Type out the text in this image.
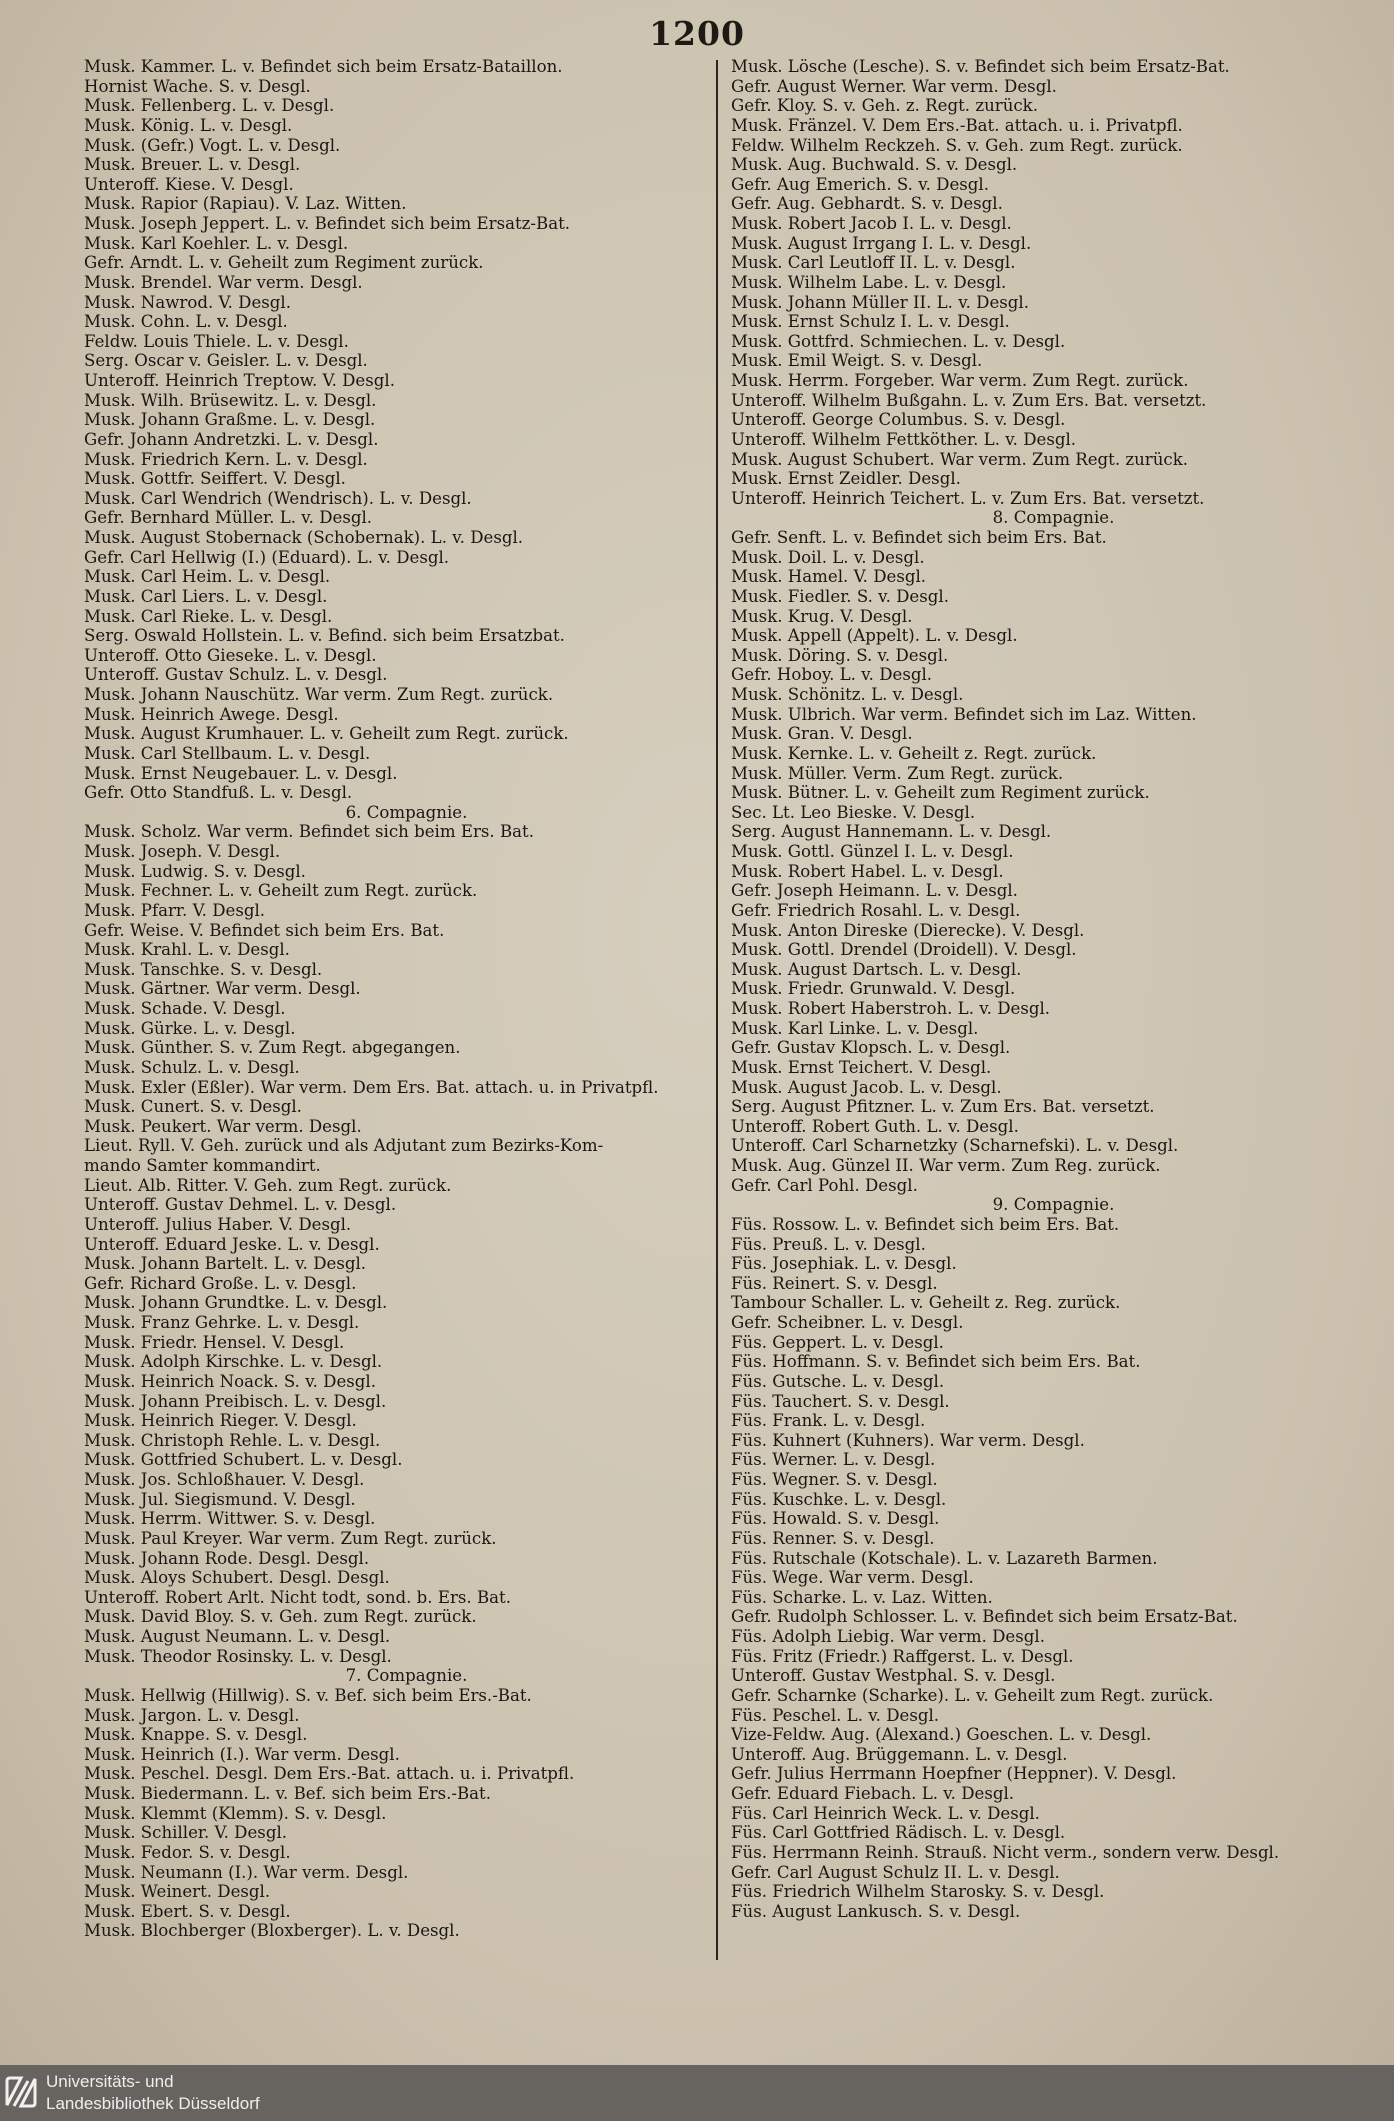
1200
Musk. Kammer. L. v. Befindet sich beim Ersatz-Bataillon.
Hornist Wache. S. v. Desgl.
Musk. Fellenberg. L. v. Desgl.
Musk. König. L. v. Desgl.
Musk. (Gefr.) Vogt. L. v. Desgl.
Musk. Breuer. L. v. Desgl.
Unteroff. Kiese. V. Desgl.
Musk. Rapior (Rapiau). V. Laz. Witten.
Musk. Joseph Jeppert. L. v. Befindet sich beim Ersatz-Bat.
Musk. Karl Koehler. L. v. Desgl.
Gefr. Arndt. L. v. Geheilt zum Regiment zurück.
Musk. Brendel. War verm. Desgl.
Musk. Nawrod. V. Desgl.
Musk. Cohn. L. v. Desgl.
Feldw. Louis Thiele. L. v. Desgl.
Serg. Oscar v. Geisler. L. v. Desgl.
Unteroff. Heinrich Treptow. V. Desgl.
Musk. Wilh. Brüsewitz. L. v. Desgl.
Musk. Johann Graßme. L. v. Desgl.
Gefr. Johann Andretzki. L. v. Desgl.
Musk. Friedrich Kern. L. v. Desgl.
Musk. Gottfr. Seiffert. V. Desgl.
Musk. Carl Wendrich (Wendrisch). L. v. Desgl.
Gefr. Bernhard Müller. L. v. Desgl.
Musk. August Stobernack (Schobernak). L. v. Desgl.
Gefr. Carl Hellwig (I.) (Eduard). L. v. Desgl.
Musk. Carl Heim. L. v. Desgl.
Musk. Carl Liers. L. v. Desgl.
Musk. Carl Rieke. L. v. Desgl.
Serg. Oswald Hollstein. L. v. Befind. sich beim Ersatzbat.
Unteroff. Otto Gieseke. L. v. Desgl.
Unteroff. Gustav Schulz. L. v. Desgl.
Musk. Johann Nauschütz. War verm. Zum Regt. zurück.
Musk. Heinrich Awege. Desgl.
Musk. August Krumhauer. L. v. Geheilt zum Regt. zurück.
Musk. Carl Stellbaum. L. v. Desgl.
Musk. Ernst Neugebauer. L. v. Desgl.
Gefr. Otto Standfuß. L. v. Desgl.
6. Compagnie.
Musk. Scholz. War verm. Befindet sich beim Ers. Bat.
Musk. Joseph. V. Desgl.
Musk. Ludwig. S. v. Desgl.
Musk. Fechner. L. v. Geheilt zum Regt. zurück.
Musk. Pfarr. V. Desgl.
Gefr. Weise. V. Befindet sich beim Ers. Bat.
Musk. Krahl. L. v. Desgl.
Musk. Tanschke. S. v. Desgl.
Musk. Gärtner. War verm. Desgl.
Musk. Schade. V. Desgl.
Musk. Gürke. L. v. Desgl.
Musk. Günther. S. v. Zum Regt. abgegangen.
Musk. Schulz. L. v. Desgl.
Musk. Exler (Eßler). War verm. Dem Ers. Bat. attach. u. in Privatpfl.
Musk. Cunert. S. v. Desgl.
Musk. Peukert. War verm. Desgl.
Lieut. Ryll. V. Geh. zurück und als Adjutant zum Bezirks-Kom-
mando Samter kommandirt.
Lieut. Alb. Ritter. V. Geh. zum Regt. zurück.
Unteroff. Gustav Dehmel. L. v. Desgl.
Unteroff. Julius Haber. V. Desgl.
Unteroff. Eduard Jeske. L. v. Desgl.
Musk. Johann Bartelt. L. v. Desgl.
Gefr. Richard Große. L. v. Desgl.
Musk. Johann Grundtke. L. v. Desgl.
Musk. Franz Gehrke. L. v. Desgl.
Musk. Friedr. Hensel. V. Desgl.
Musk. Adolph Kirschke. L. v. Desgl.
Musk. Heinrich Noack. S. v. Desgl.
Musk. Johann Preibisch. L. v. Desgl.
Musk. Heinrich Rieger. V. Desgl.
Musk. Christoph Rehle. L. v. Desgl.
Musk. Gottfried Schubert. L. v. Desgl.
Musk. Jos. Schloßhauer. V. Desgl.
Musk. Jul. Siegismund. V. Desgl.
Musk. Herrm. Wittwer. S. v. Desgl.
Musk. Paul Kreyer. War verm. Zum Regt. zurück.
Musk. Johann Rode. Desgl. Desgl.
Musk. Aloys Schubert. Desgl. Desgl.
Unteroff. Robert Arlt. Nicht todt, sond. b. Ers. Bat.
Musk. David Bloy. S. v. Geh. zum Regt. zurück.
Musk. August Neumann. L. v. Desgl.
Musk. Theodor Rosinsky. L. v. Desgl.
7. Compagnie.
Musk. Hellwig (Hillwig). S. v. Bef. sich beim Ers.-Bat.
Musk. Jargon. L. v. Desgl.
Musk. Knappe. S. v. Desgl.
Musk. Heinrich (I.). War verm. Desgl.
Musk. Peschel. Desgl. Dem Ers.-Bat. attach. u. i. Privatpfl.
Musk. Biedermann. L. v. Bef. sich beim Ers.-Bat.
Musk. Klemmt (Klemm). S. v. Desgl.
Musk. Schiller. V. Desgl.
Musk. Fedor. S. v. Desgl.
Musk. Neumann (I.). War verm. Desgl.
Musk. Weinert. Desgl.
Musk. Ebert. S. v. Desgl.
Musk. Blochberger (Bloxberger). L. v. Desgl.
Musk. Lösche (Lesche). S. v. Befindet sich beim Ersatz-Bat.
Gefr. August Werner. War verm. Desgl.
Gefr. Kloy. S. v. Geh. z. Regt. zurück.
Musk. Fränzel. V. Dem Ers.-Bat. attach. u. i. Privatpfl.
Feldw. Wilhelm Reckzeh. S. v. Geh. zum Regt. zurück.
Musk. Aug. Buchwald. S. v. Desgl.
Gefr. Aug Emerich. S. v. Desgl.
Gefr. Aug. Gebhardt. S. v. Desgl.
Musk. Robert Jacob I. L. v. Desgl.
Musk. August Irrgang I. L. v. Desgl.
Musk. Carl Leutloff II. L. v. Desgl.
Musk. Wilhelm Labe. L. v. Desgl.
Musk. Johann Müller II. L. v. Desgl.
Musk. Ernst Schulz I. L. v. Desgl.
Musk. Gottfrd. Schmiechen. L. v. Desgl.
Musk. Emil Weigt. S. v. Desgl.
Musk. Herrm. Forgeber. War verm. Zum Regt. zurück.
Unteroff. Wilhelm Bußgahn. L. v. Zum Ers. Bat. versetzt.
Unteroff. George Columbus. S. v. Desgl.
Unteroff. Wilhelm Fettköther. L. v. Desgl.
Musk. August Schubert. War verm. Zum Regt. zurück.
Musk. Ernst Zeidler. Desgl.
Unteroff. Heinrich Teichert. L. v. Zum Ers. Bat. versetzt.
8. Compagnie.
Gefr. Senft. L. v. Befindet sich beim Ers. Bat.
Musk. Doil. L. v. Desgl.
Musk. Hamel. V. Desgl.
Musk. Fiedler. S. v. Desgl.
Musk. Krug. V. Desgl.
Musk. Appell (Appelt). L. v. Desgl.
Musk. Döring. S. v. Desgl.
Gefr. Hoboy. L. v. Desgl.
Musk. Schönitz. L. v. Desgl.
Musk. Ulbrich. War verm. Befindet sich im Laz. Witten.
Musk. Gran. V. Desgl.
Musk. Kernke. L. v. Geheilt z. Regt. zurück.
Musk. Müller. Verm. Zum Regt. zurück.
Musk. Bütner. L. v. Geheilt zum Regiment zurück.
Sec. Lt. Leo Bieske. V. Desgl.
Serg. August Hannemann. L. v. Desgl.
Musk. Gottl. Günzel I. L. v. Desgl.
Musk. Robert Habel. L. v. Desgl.
Gefr. Joseph Heimann. L. v. Desgl.
Gefr. Friedrich Rosahl. L. v. Desgl.
Musk. Anton Direske (Dierecke). V. Desgl.
Musk. Gottl. Drendel (Droidell). V. Desgl.
Musk. August Dartsch. L. v. Desgl.
Musk. Friedr. Grunwald. V. Desgl.
Musk. Robert Haberstroh. L. v. Desgl.
Musk. Karl Linke. L. v. Desgl.
Gefr. Gustav Klopsch. L. v. Desgl.
Musk. Ernst Teichert. V. Desgl.
Musk. August Jacob. L. v. Desgl.
Serg. August Pfitzner. L. v. Zum Ers. Bat. versetzt.
Unteroff. Robert Guth. L. v. Desgl.
Unteroff. Carl Scharnetzky (Scharnefski). L. v. Desgl.
Musk. Aug. Günzel II. War verm. Zum Reg. zurück.
Gefr. Carl Pohl. Desgl.
9. Compagnie.
Füs. Rossow. L. v. Befindet sich beim Ers. Bat.
Füs. Preuß. L. v. Desgl.
Füs. Josephiak. L. v. Desgl.
Füs. Reinert. S. v. Desgl.
Tambour Schaller. L. v. Geheilt z. Reg. zurück.
Gefr. Scheibner. L. v. Desgl.
Füs. Geppert. L. v. Desgl.
Füs. Hoffmann. S. v. Befindet sich beim Ers. Bat.
Füs. Gutsche. L. v. Desgl.
Füs. Tauchert. S. v. Desgl.
Füs. Frank. L. v. Desgl.
Füs. Kuhnert (Kuhners). War verm. Desgl.
Füs. Werner. L. v. Desgl.
Füs. Wegner. S. v. Desgl.
Füs. Kuschke. L. v. Desgl.
Füs. Howald. S. v. Desgl.
Füs. Renner. S. v. Desgl.
Füs. Rutschale (Kotschale). L. v. Lazareth Barmen.
Füs. Wege. War verm. Desgl.
Füs. Scharke. L. v. Laz. Witten.
Gefr. Rudolph Schlosser. L. v. Befindet sich beim Ersatz-Bat.
Füs. Adolph Liebig. War verm. Desgl.
Füs. Fritz (Friedr.) Raffgerst. L. v. Desgl.
Unteroff. Gustav Westphal. S. v. Desgl.
Gefr. Scharnke (Scharke). L. v. Geheilt zum Regt. zurück.
Füs. Peschel. L. v. Desgl.
Vize-Feldw. Aug. (Alexand.) Goeschen. L. v. Desgl.
Unteroff. Aug. Brüggemann. L. v. Desgl.
Gefr. Julius Herrmann Hoepfner (Heppner). V. Desgl.
Gefr. Eduard Fiebach. L. v. Desgl.
Füs. Carl Heinrich Weck. L. v. Desgl.
Füs. Carl Gottfried Rädisch. L. v. Desgl.
Füs. Herrmann Reinh. Strauß. Nicht verm., sondern verw. Desgl.
Gefr. Carl August Schulz II. L. v. Desgl.
Füs. Friedrich Wilhelm Starosky. S. v. Desgl.
Füs. August Lankusch. S. v. Desgl.
Universitäts- und
Landesbibliothek Düsseldorf
